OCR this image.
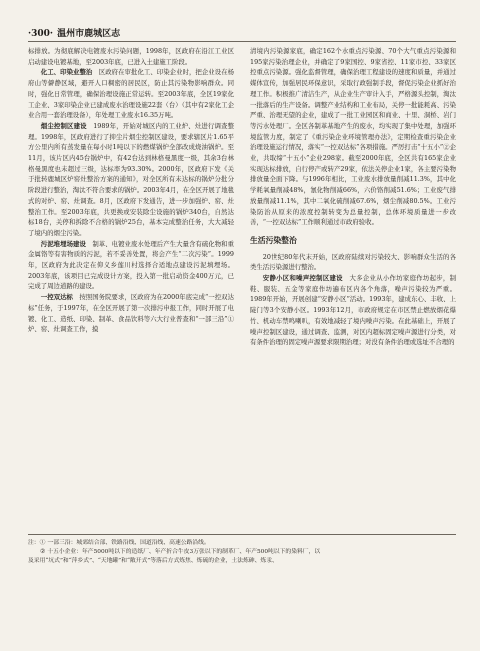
·300· 温州市鹿城区志

标排放。为彻底解决电镀废水污染问题，1998年，区政府在沿江工业区启动建设电镀基地，至2003年底，已进入土建施工阶段。

化工、印染业整治　 区政府在审批化工、印染企业时，把企业设在杨府山等僻静区域，避开人口稠密的居民区，防止其污染物影响群众。同时，强化日常管理，确保治理设施正常运转。至2003年底，全区19家化工企业、3家印染企业已建成废水治理设施22套（台）（其中有2家化工企业合用一套治理设备），年处理工业废水16.35万吨。

烟尘控制区建设　 1989年，开始对城区内的工业炉、灶进行调查整理。1998年，区政府进行了抑尘片烟尘控制区建设，要求辖区片1.65平方公里内所有蒸发量在每小时1吨以下的燃煤锅炉全部改成烧油锅炉。至11月，该片区内45台锅炉中，有42台达到林格曼黑度一级，其余3台林格曼黑度也未超过三级，达标率为93.30%。2000年，区政府下发《关于批转鹿城区炉窑灶整治方案的通知》，对全区所有未达标的锅炉分批分阶段进行整治，淘汰不符合要求的锅炉。2003年4月，在全区开展了地毯式的对炉、窑、灶调查。8月，区政府下发通告，进一步加强炉、窑、灶整治工作。至2003年底，共更换或安装除尘设施的锅炉340台，自然达标18台，关停和拆除不合格的锅炉25台，基本完成整治任务，大大减轻了境内的烟尘污染。

污泥堆埋场建设　 制革、电镀业废水处理后产生大量含有硫化物和重金属铬等有害物质的污泥，若不妥善处置，将会产生“二次污染”。1999年，区政府为此决定在仰义乡莲川村选择合适地点建设污泥填埋场。2003年底，该项目已完成设计方案，投入第一批启动资金400万元，已完成了周边道路的建设。

一控双达标　 按照国务院要求，区政府为在2000年底完成“一控双达标”任务，于1997年，在全区开展了第一次排污申报工作，同时开展了电镀、化工、造纸、印染、制革、食品饮料等六大行业普查和“一部三沿”①炉、窑、灶调查工作，摸

清境内污染源家底，确定162个水重点污染源、70个大气重点污染源和195家污染治理企业，并确定了9家国控、9家省控、11家市控、33家区控重点污染源。强化监督管理，确保治理工程建设的速度和质量，并通过媒体宣传，加强居民环保意识，采取行政强制手段，督促污染企业抓好治理工作。积极推广清洁生产，从企业生产审计入手，严格源头控制，淘汰一批落后的生产设备。调整产业结构和工业布局，关停一批能耗高、污染严重、治理无望的企业，建成了一批工业园区和商业、十里、洞桥、岩门等污水处理厂。全区各制革基地产生的废水，均实现了集中处理，加强环境监管力度，制定了《重污染企业环境管理办法》，定期检查重污染企业治理设施运行情况，落实“一控双达标”各项措施。严厉打击“十五小”②企业，共取缔“十五小”企业298家。截至2000年底，全区共有165家企业实现达标排放，自行停产或转产29家，依法关停企业1家，各主要污染物排放量全面下降。与1996年相比，工业废水排放量削减11.3%，其中化学耗氧量削减48%，氰化物削减66%，六价铬削减51.6%；工业废气排放量削减11.1%，其中二氧化硫削减67.6%，烟尘削减80.5%。工业污染防治从原来的浓度控制转变为总量控制，总体环境质量进一步改善，“一控双达标”工作顺利通过市政府验收。

生活污染整治

20世纪80年代末开始，区政府陆续对污染较大、影响群众生活的各类生活污染源进行整治。

安静小区和噪声控制区建设　 大多企业从小作坊家庭作坊起步，制鞋、服装、五金等家庭作坊遍布区内各个角落，噪声污染较为严重。1989年开始，开展创建“安静小区”活动。1993年，建成东心、丰收、上陡门等3个安静小区。1993年12月，市政府规定在市区禁止燃放烟花爆竹、机动车禁鸣喇叭，有效地减轻了境内噪声污染。在此基础上，开展了噪声控制区建设，通过调查、监测，对区内超标固定噪声源进行分类，对有条件治理的固定噪声源要求限期治理；对没有条件治理或选址不合理的

注：① 一部三沿：城郊结合部、铁路沿线、国道沿线、高速公路沿线。

② 十五小企业：年产5000吨以下的造纸厂、年产折合牛皮3万张以下的制革厂、年产500吨以下的染料厂，以

及采用“坑式”和“萍乡式”、“天地罐”和“敞开式”等落后方式炼焦、炼硫的企业，土法炼砷、炼汞、
